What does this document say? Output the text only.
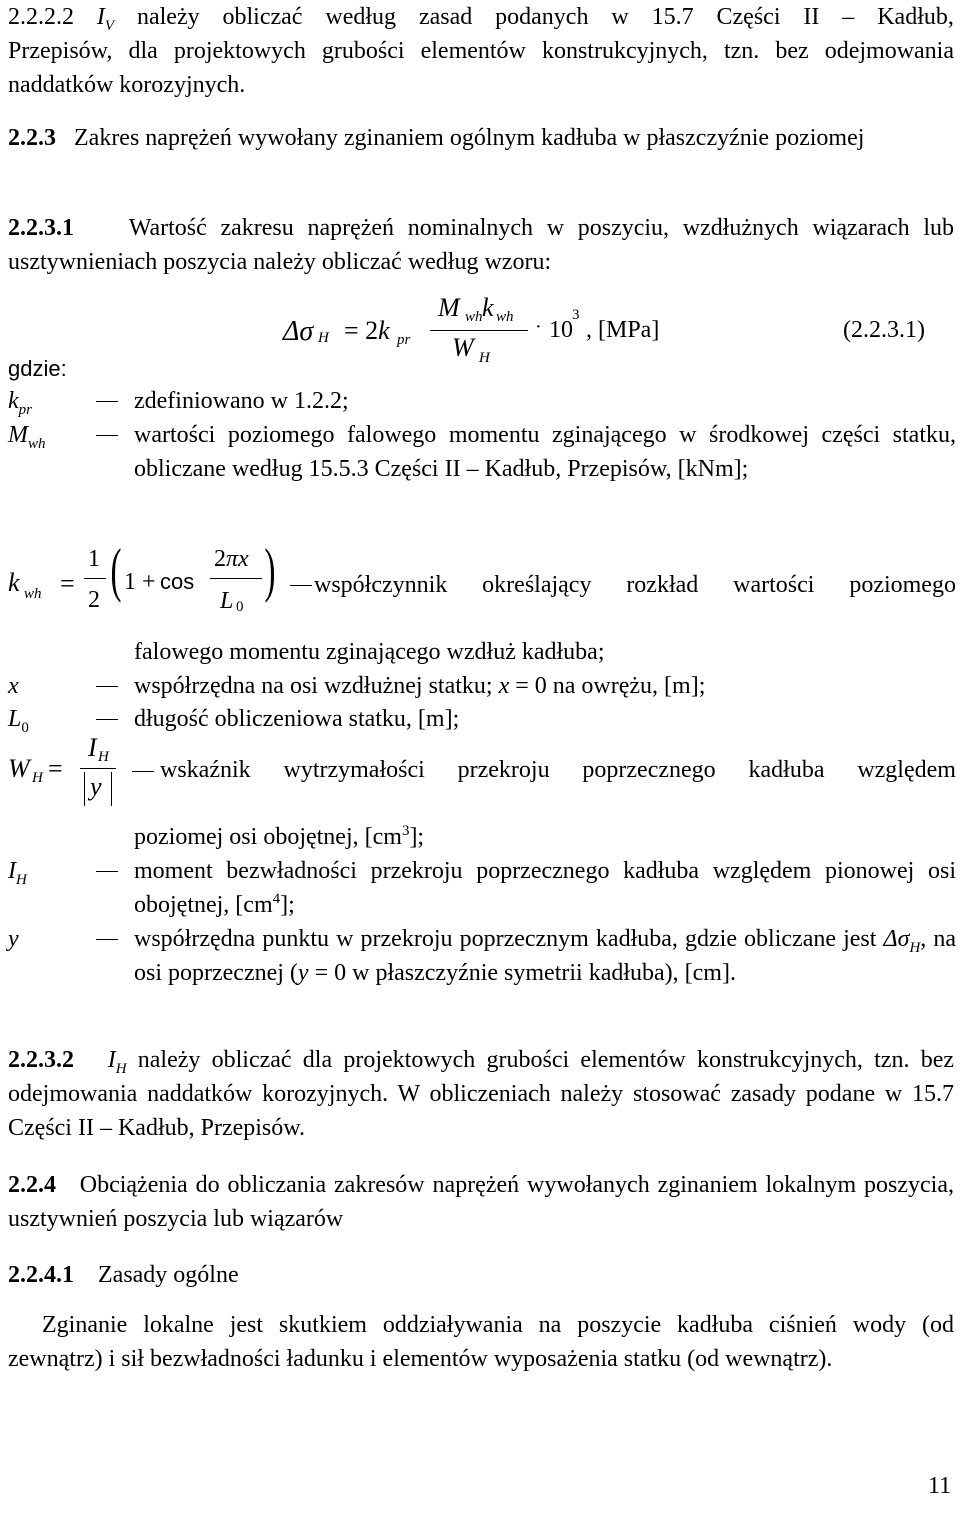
2.2.2.2 $I_V$ należy obliczać według zasad podanych w 15.7 Części II – Kadłub,
Przepisów, dla projektowych grubości elementów konstrukcyjnych, tzn. bez odejmowania naddatków korozyjnych.
2.2.3 Zakres naprężeń wywołany zginaniem ogólnym kadłuba w płaszczyźnie poziomej
2.2.3.1 Wartość zakresu naprężeń nominalnych w poszyciu, wzdłużnych wiązarach lub usztywnieniach poszycia należy obliczać według wzoru:
Δσ H = 2k pr
M wh k wh
W H
· 10
3
, [MPa]	(2.2.3.1)
gdzie:
$k_{pr}$	zdefiniowano w 1.2.2;
$M_{wh}$	wartości poziomego falowego momentu zginającego w środkowej części statku, obliczane według 15.5.3 Części II – Kadłub, Przepisów, [kNm];
k wh =
1
2 ( 1 + cos
2πx
L 0
) współczynnik określający rozkład wartości poziomego
falowego momentu zginającego wzdłuż kadłuba;
x	współrzędna na osi wzdłużnej statku; x = 0 na owrężu, [m];
$L_0$	długość obliczeniowa statku, [m];
W H =
I H
y
wskaźnik wytrzymałości przekroju poprzecznego kadłuba względem
poziomej osi obojętnej, $[cm^3]$;
$I_H$	moment bezwładności przekroju poprzecznego kadłuba względem pionowej osi obojętnej, $[cm^4]$;
y	współrzędna punktu w przekroju poprzecznym kadłuba, gdzie obliczane jest $\Delta\sigma_H$, na osi poprzecznej (y = 0 w płaszczyźnie symetrii kadłuba), [cm].
2.2.3.2 $I_H$ należy obliczać dla projektowych grubości elementów konstrukcyjnych, tzn. bez odejmowania naddatków korozyjnych. W obliczeniach należy stosować zasady podane w 15.7 Części II – Kadłub, Przepisów.
2.2.4 Obciążenia do obliczania zakresów naprężeń wywołanych zginaniem lokalnym poszycia, usztywnień poszycia lub wiązarów
2.2.4.1 Zasady ogólne
Zginanie lokalne jest skutkiem oddziaływania na poszycie kadłuba ciśnień wody (od zewnątrz) i sił bezwładności ładunku i elementów wyposażenia statku (od wewnątrz).
11
